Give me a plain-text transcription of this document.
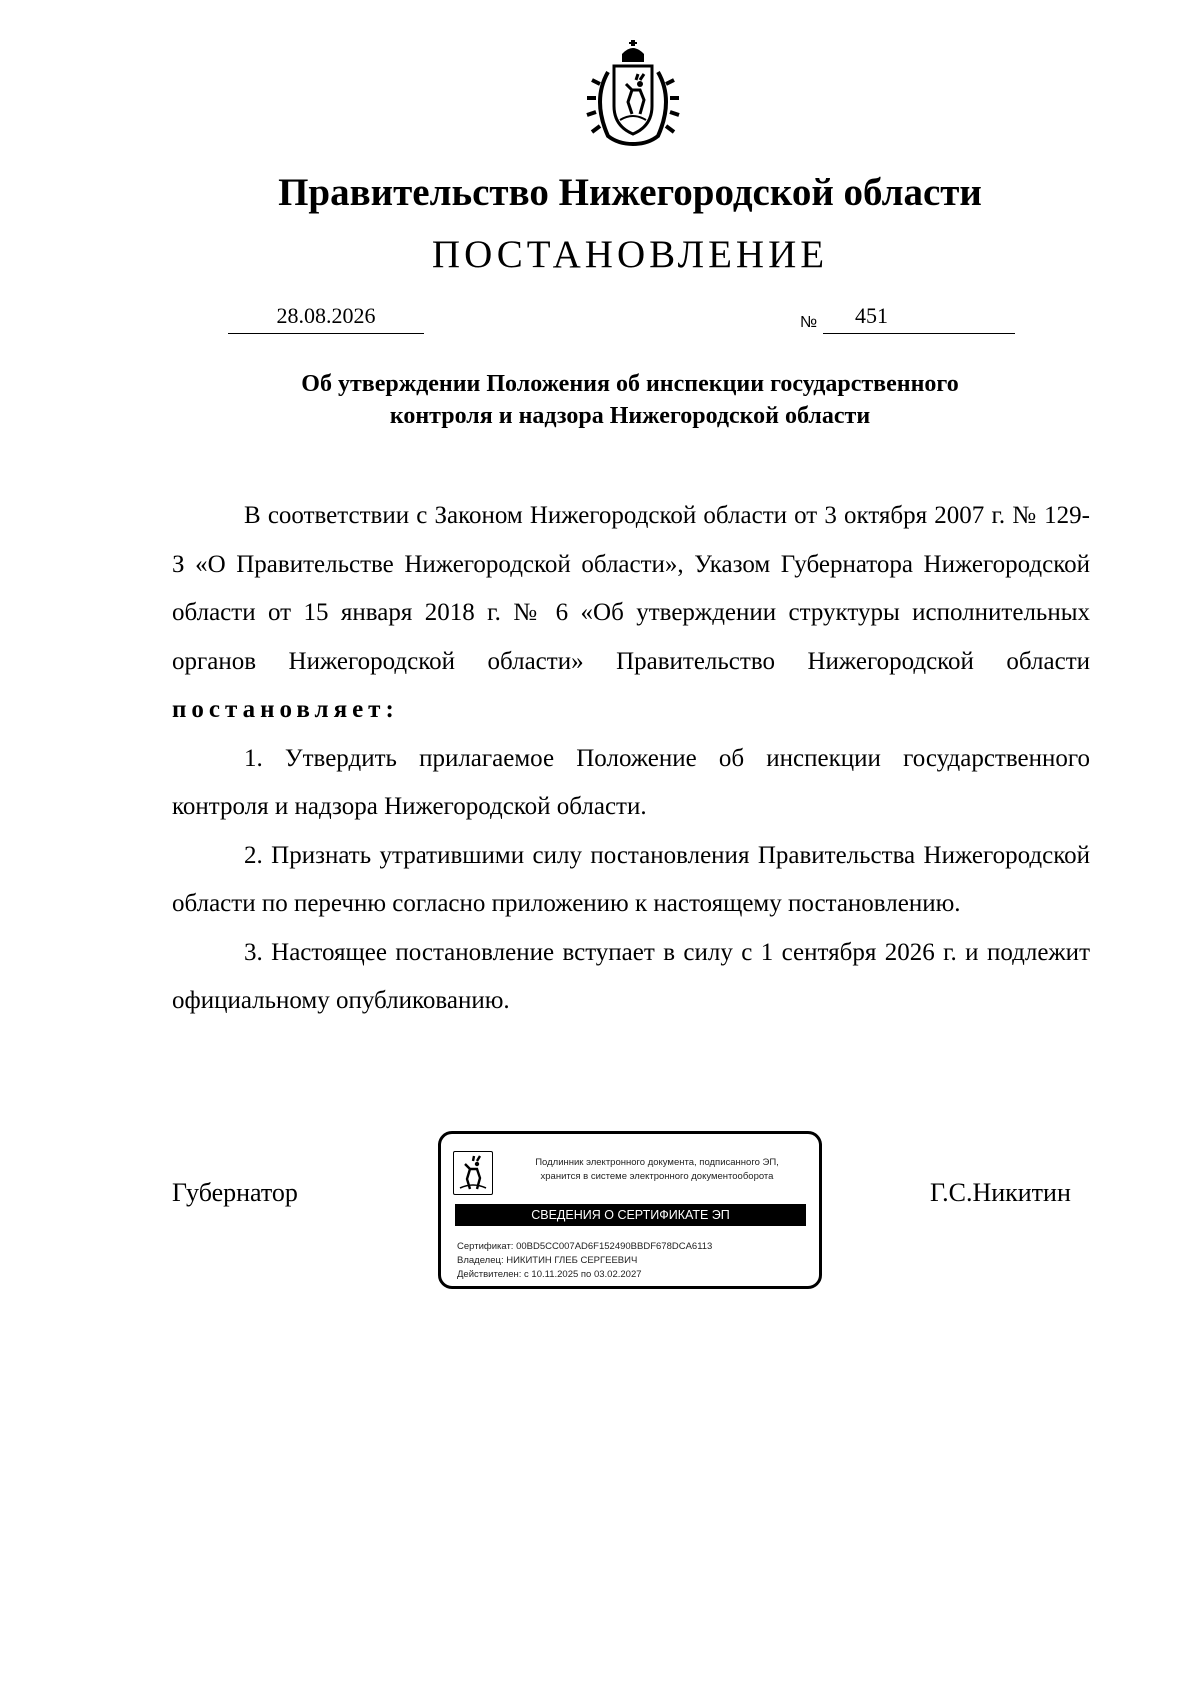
Правительство Нижегородской области
ПОСТАНОВЛЕНИЕ
28.08.2026	№	451
Об утверждении Положения об инспекции государственного
контроля и надзора Нижегородской области

В соответствии с Законом Нижегородской области от 3 октября 2007 г. № 129-З «О Правительстве Нижегородской области», Указом Губернатора Нижегородской области от 15 января 2018 г. № 6 «Об утверждении структуры исполнительных органов Нижегородской области» Правительство Нижегородской области постановляет:

1. Утвердить прилагаемое Положение об инспекции государственного контроля и надзора Нижегородской области.

2. Признать утратившими силу постановления Правительства Нижегородской области по перечню согласно приложению к настоящему постановлению.

3. Настоящее постановление вступает в силу с 1 сентября 2026 г. и подлежит официальному опубликованию.

Губернатор	Г.С.Никитин
Подлинник электронного документа, подписанного ЭП,
хранится в системе электронного документооборота
СВЕДЕНИЯ О СЕРТИФИКАТЕ ЭП
Сертификат: 00BD5CC007AD6F152490BBDF678DCA6113
Владелец: НИКИТИН ГЛЕБ СЕРГЕЕВИЧ
Действителен: с 10.11.2025 по 03.02.2027
